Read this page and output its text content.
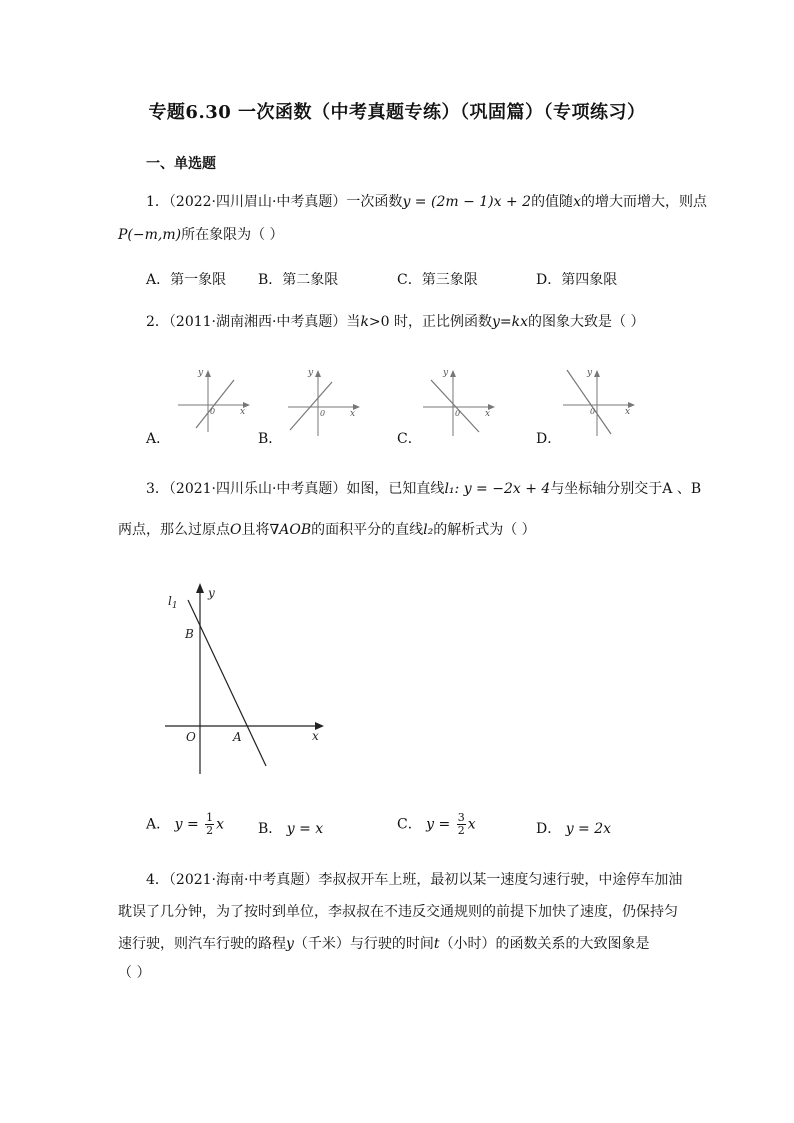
专题6.30 一次函数（中考真题专练）（巩固篇）（专项练习）
一、单选题
1．（2022·四川眉山·中考真题）一次函数y = (2m − 1)x + 2的值随x的增大而增大，则点
P(−m,m)所在象限为（ ）
A．第一象限 B．第二象限	C．第三象限	D．第四象限
2．（2011·湖南湘西·中考真题）当k>0 时，正比例函数y=kx的图象大致是（ ）
y
x
0
y
x
0
y
x
0
y
x
0
A．	B．	C．	D．
3．（2021·四川乐山·中考真题）如图，已知直线l₁: y = −2x + 4与坐标轴分别交于A 、B
两点，那么过原点O且将∇AOB的面积平分的直线l₂的解析式为（ ）
$l_1$
y
x
B
O	A
A． $y = \frac{1}{2}$ x B． y = x	C． $y = \frac{3}{2}$ x	D． y = 2x
4．（2021·海南·中考真题）李叔叔开车上班，最初以某一速度匀速行驶，中途停车加油
耽误了几分钟，为了按时到单位，李叔叔在不违反交通规则的前提下加快了速度，仍保持匀
速行驶，则汽车行驶的路程y（千米）与行驶的时间t（小时）的函数关系的大致图象是
（ ）
